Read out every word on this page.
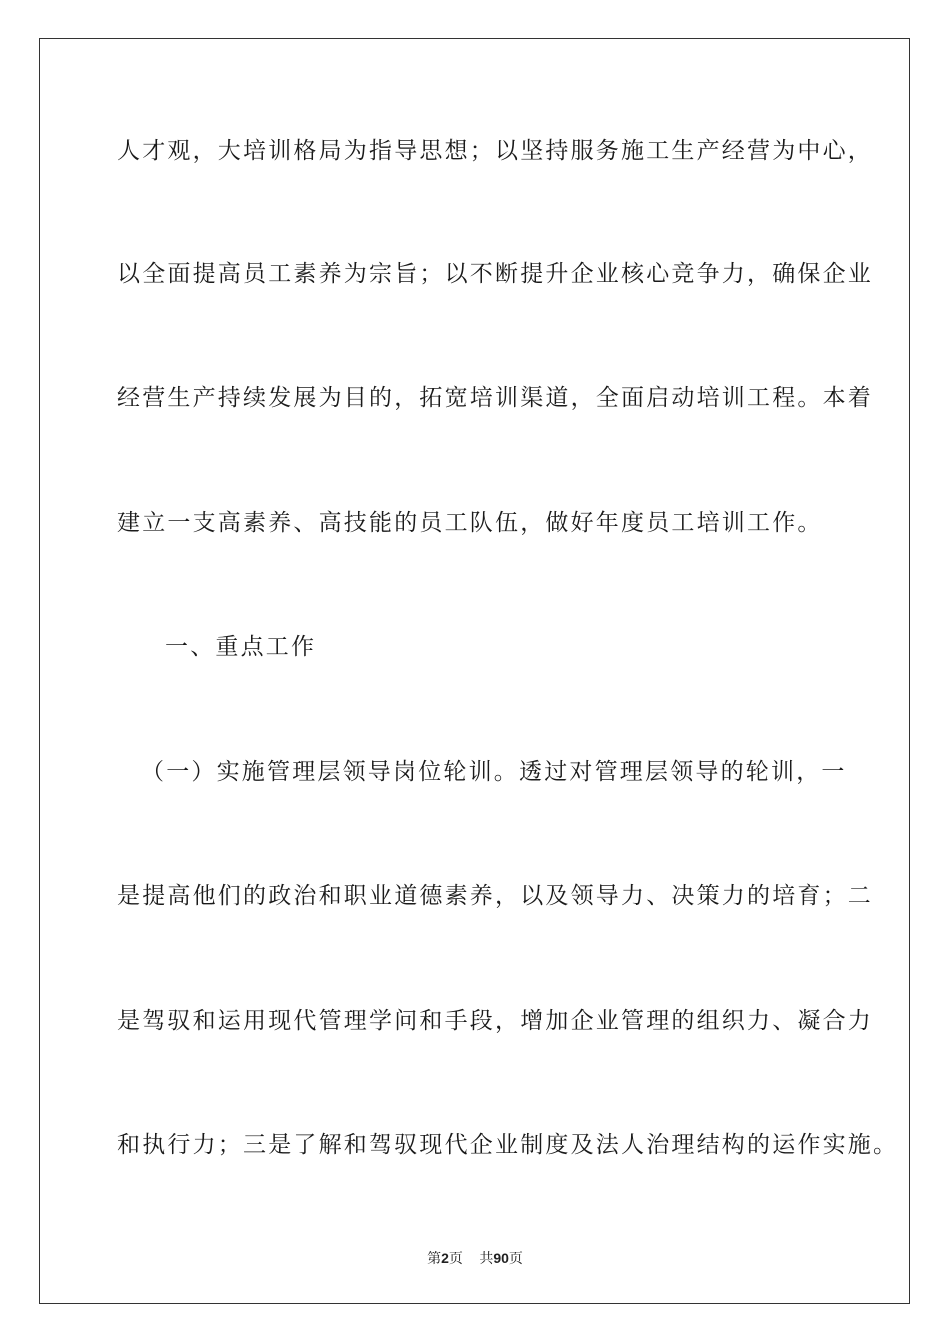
人才观，大培训格局为指导思想；以坚持服务施工生产经营为中心，
以全面提高员工素养为宗旨；以不断提升企业核心竞争力，确保企业
经营生产持续发展为目的，拓宽培训渠道，全面启动培训工程。本着
建立一支高素养、高技能的员工队伍，做好年度员工培训工作。
一、重点工作
（一）实施管理层领导岗位轮训。透过对管理层领导的轮训，一
是提高他们的政治和职业道德素养，以及领导力、决策力的培育；二
是驾驭和运用现代管理学问和手段，增加企业管理的组织力、凝合力
和执行力；三是了解和驾驭现代企业制度及法人治理结构的运作实施。
第2页 共90页
